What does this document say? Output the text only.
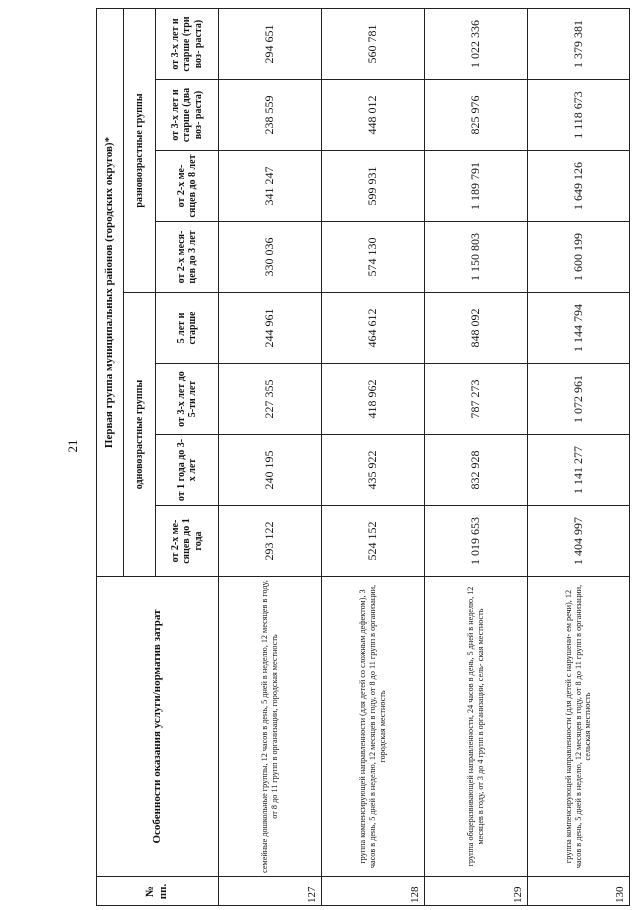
21
№ пп.
Особенности оказания услуги/норматив затрат
Первая группа муниципальных районов (городских округов)*	одновозрастные группы
разновозрастные группы
от 2-х ме- сяцев до 1 года
от 1 года до 3-х лет
от 3-х лет до 5-ти лет
5 лет и старше
от 2-х меся- цев до 3 лет
от 2-х ме- сяцев до 8 лет
от 3-х лет и старше (два воз- раста)
от 3-х лет и старше (три воз- раста)
127
семейные дошкольные группы, 12 часов в день, 5 дней в неделю, 12 месяцев в году, от 8 до 11 групп в организации, городская местность
293 122
240 195
227 355
244 961
330 036
341 247
238 559
294 651
128
группа компенсирующей направленности (для детей со сложным дефектом), 3 часов в день, 5 дней в неделю, 12 месяцев в году, от 8 до 11 групп в организации, городская местность
524 152
435 922
418 962
464 612
574 130
599 931
448 012
560 781
129
группа общеразвивающей направленности, 24 часов в день, 5 дней в неделю, 12 месяцев в году, от 3 до 4 групп в организации, сель- ская местность
1 019 653
832 928
787 273
848 092
1 150 803
1 189 791
825 976
1 022 336
130
группа компенсирующей направленности (для детей с нарушени- ем речи), 12 часов в день, 5 дней в неделю, 12 месяцев в году, от 8 до 11 групп в организации, сельская местность
1 404 997
1 141 277
1 072 961
1 144 794
1 600 199
1 649 126
1 118 673
1 379 381
